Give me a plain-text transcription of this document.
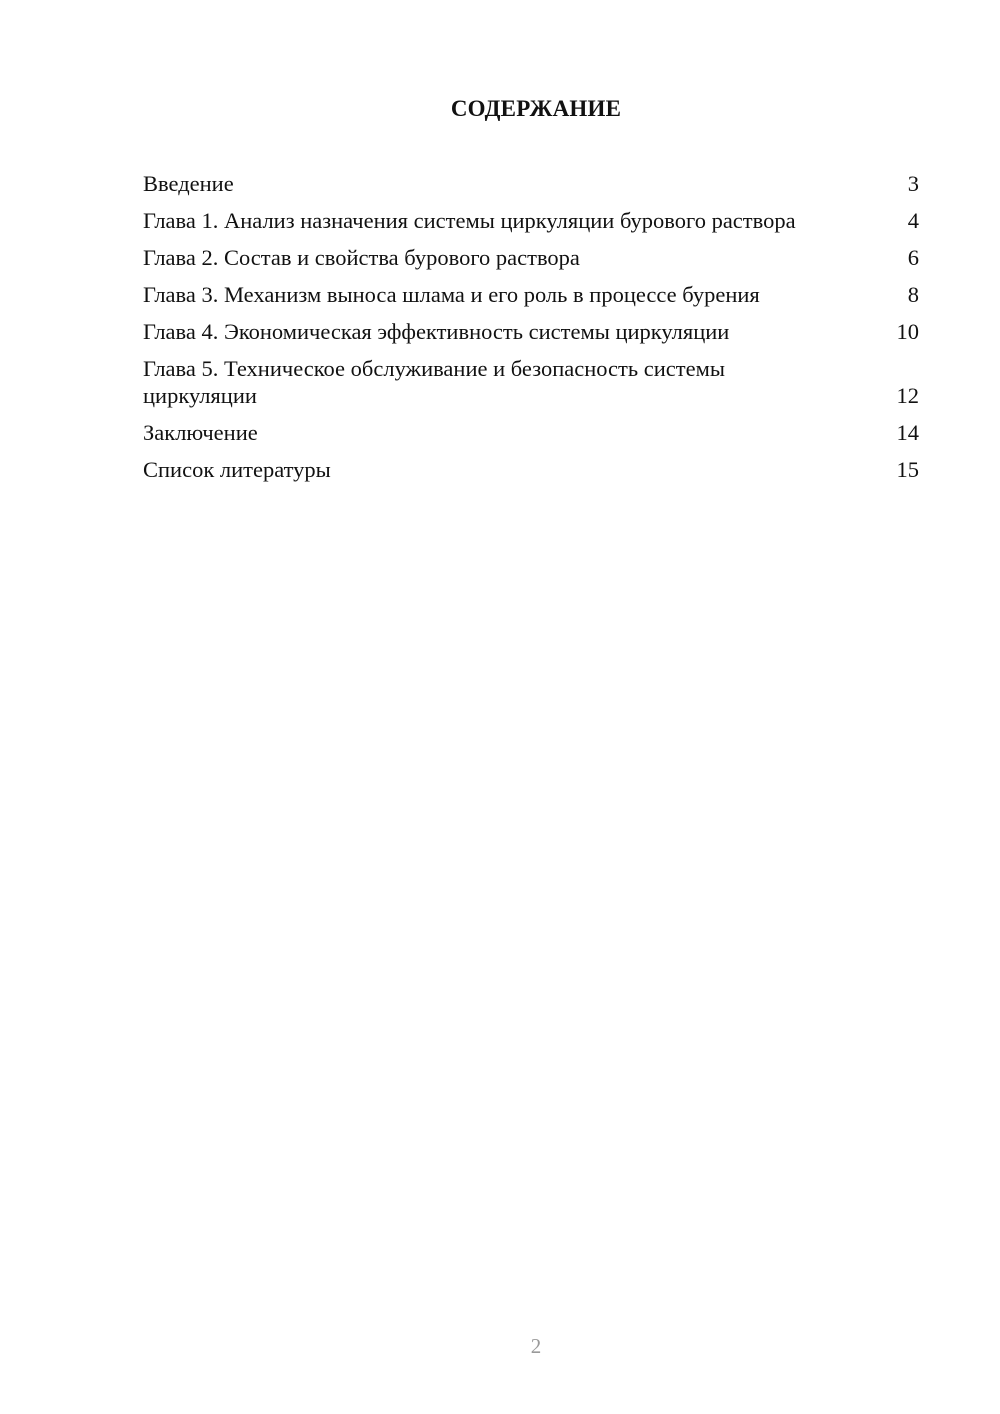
СОДЕРЖАНИЕ
Введение	3
Глава 1. Анализ назначения системы циркуляции бурового раствора	4
Глава 2. Состав и свойства бурового раствора	6
Глава 3. Механизм выноса шлама и его роль в процессе бурения	8
Глава 4. Экономическая эффективность системы циркуляции	10
Глава 5. Техническое обслуживание и безопасность системы циркуляции	12
Заключение	14
Список литературы	15
2
